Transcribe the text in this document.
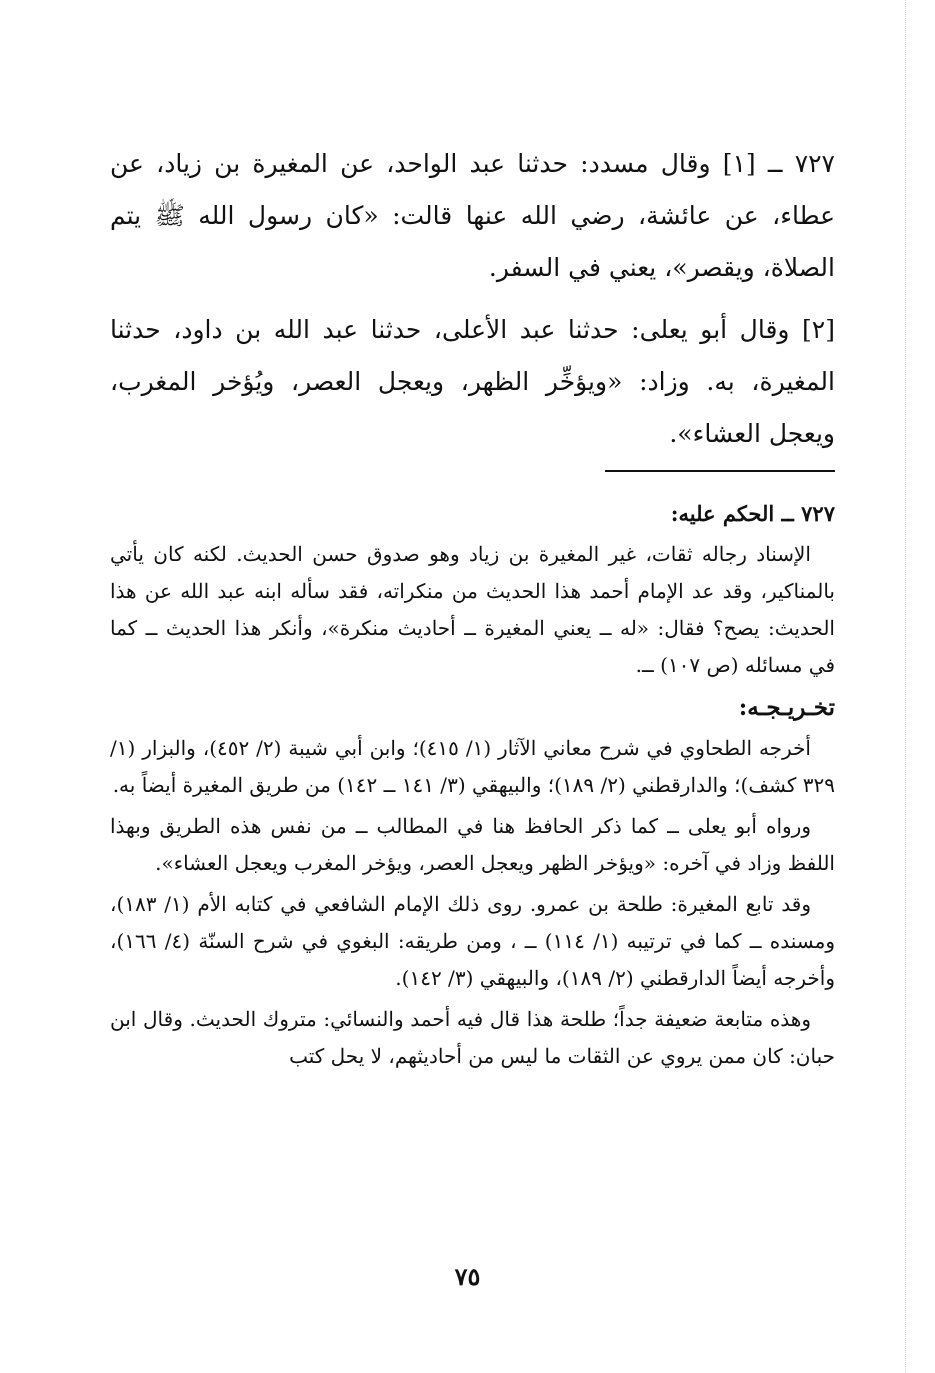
٧٢٧ ــ [١] وقال مسدد: حدثنا عبد الواحد، عن المغيرة بن زياد، عن عطاء، عن عائشة، رضي الله عنها قالت: «كان رسول الله ﷺ يتم الصلاة، ويقصر»، يعني في السفر.

[٢] وقال أبو يعلى: حدثنا عبد الأعلى، حدثنا عبد الله بن داود، حدثنا المغيرة، به. وزاد: «ويؤخِّر الظهر، ويعجل العصر، ويُؤخر المغرب، ويعجل العشاء».

٧٢٧ ــ الحكم عليه:

الإسناد رجاله ثقات، غير المغيرة بن زياد وهو صدوق حسن الحديث. لكنه كان يأتي بالمناكير، وقد عد الإمام أحمد هذا الحديث من منكراته، فقد سأله ابنه عبد الله عن هذا الحديث: يصح؟ فقال: «له ــ يعني المغيرة ــ أحاديث منكرة»، وأنكر هذا الحديث ــ كما في مسائله (ص ١٠٧) ــ.

تخـريـجـه:

أخرجه الطحاوي في شرح معاني الآثار (١/ ٤١٥)؛ وابن أبي شيبة (٢/ ٤٥٢)، والبزار (١/ ٣٢٩ كشف)؛ والدارقطني (٢/ ١٨٩)؛ والبيهقي (٣/ ١٤١ ــ ١٤٢) من طريق المغيرة أيضاً به.

ورواه أبو يعلى ــ كما ذكر الحافظ هنا في المطالب ــ من نفس هذه الطريق وبهذا اللفظ وزاد في آخره: «ويؤخر الظهر ويعجل العصر، ويؤخر المغرب ويعجل العشاء».

وقد تابع المغيرة: طلحة بن عمرو. روى ذلك الإمام الشافعي في كتابه الأم (١/ ١٨٣)، ومسنده ــ كما في ترتيبه (١/ ١١٤) ــ ، ومن طريقه: البغوي في شرح السنّة (٤/ ١٦٦)، وأخرجه أيضاً الدارقطني (٢/ ١٨٩)، والبيهقي (٣/ ١٤٢).

وهذه متابعة ضعيفة جداً؛ طلحة هذا قال فيه أحمد والنسائي: متروك الحديث. وقال ابن حبان: كان ممن يروي عن الثقات ما ليس من أحاديثهم، لا يحل كتب

٧٥
